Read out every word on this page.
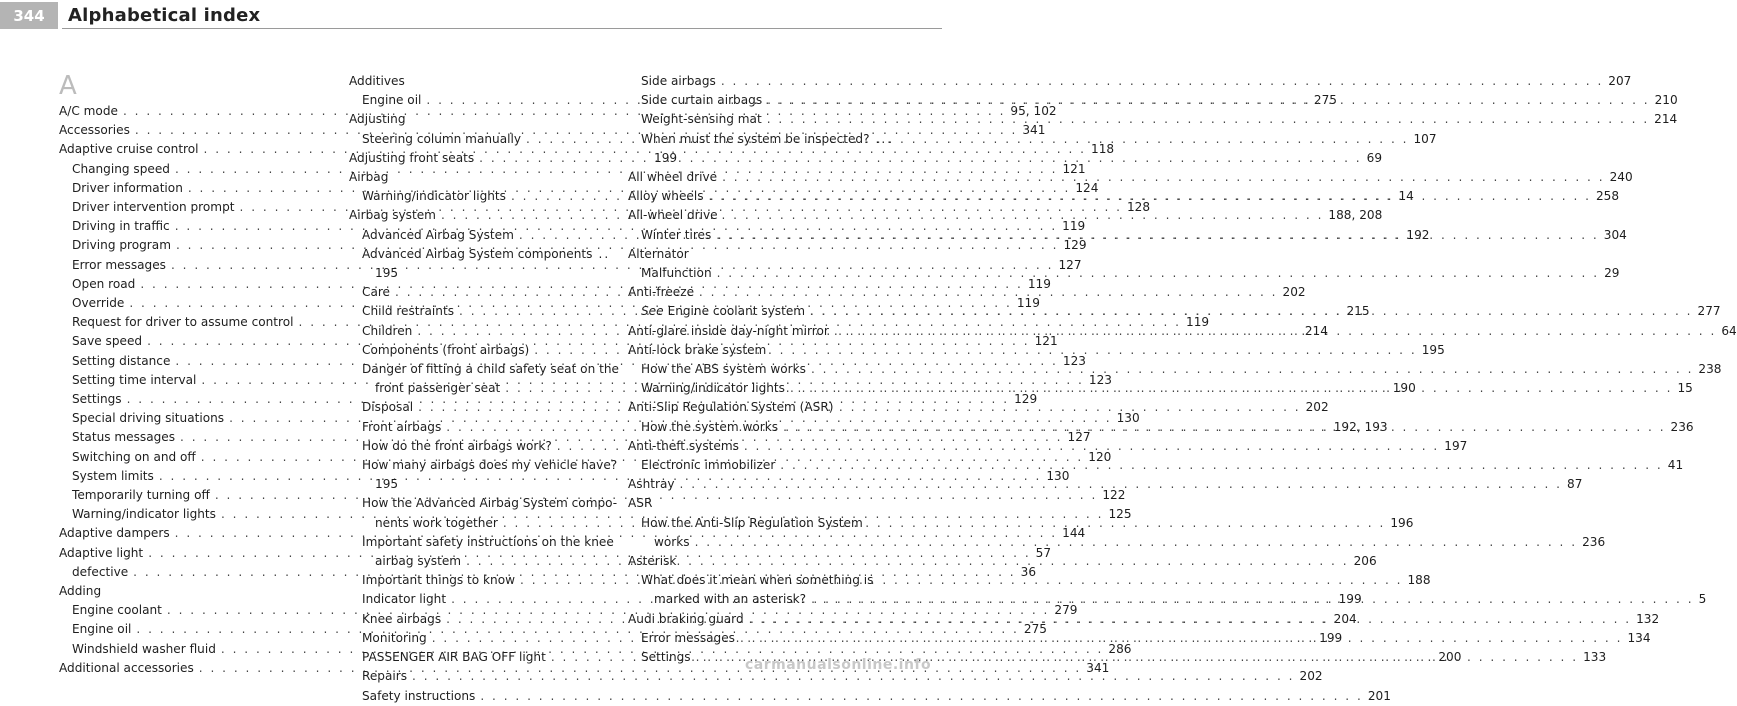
344	Alphabetical index
A
A/C mode . . .	95, 102
Accessories . . .	341
Adaptive cruise control . . .	118
Changing speed . . .	121
Driver information . . .	124
Driver intervention prompt . . .	128
Driving in traffic . . .	119
Driving program . . .	129
Error messages . . .	127
Open road . . .	119
Override . . .	119
Request for driver to assume control . . .	119
Save speed . . .	121
Setting distance . . .	123
Setting time interval . . .	123
Settings . . .	129
Special driving situations . . .	130
Status messages . . .	127
Switching on and off . . .	120
System limits . . .	130
Temporarily turning off . . .	122
Warning/indicator lights . . .	125
Adaptive dampers . . .	144
Adaptive light . . .	57
defective . . .	36
Adding
Engine coolant . . .	279
Engine oil . . .	275
Windshield washer fluid . . .	286
Additional accessories . . .	341
Additives
Engine oil . . .	275
Adjusting
Steering column manually . . .	107
Adjusting front seats . . .	69
Airbag
Warning/indicator lights . . .	14
Airbag system . . .	188, 208
Advanced Airbag System . . .	192
Advanced Airbag System components ..
195
Care . . .	202
Child restraints . . .	215
Children . . .	214
Components (front airbags) . . .	195
Danger of fitting a child safety seat on the
front passenger seat . . .	190
Disposal . . .	202
Front airbags . . .	192, 193
How do the front airbags work? . . .	197
How many airbags does my vehicle have?
195
How the Advanced Airbag System compo-
nents work together . . .	196
Important safety instructions on the knee
airbag system . . .	206
Important things to know . . .	188
Indicator light . . .	199
Knee airbags . . .	204
Monitoring . . .	199
PASSENGER AIR BAG OFF light . . .	200
Repairs . . .	202
Safety instructions . . .	201
Side airbags . . .	207
Side curtain airbags . . .	210
Weight-sensing mat . . .	214
When must the system be inspected? ...
199
All wheel drive . . .	240
Alloy wheels . . .	258
All-wheel drive
Winter tires . . .	304
Alternator
Malfunction . . .	29
Anti-freeze
See Engine coolant system . . .	277
Anti-glare inside day-night mirror . . .	64
Anti-lock brake system
How the ABS system works . . .	238
Warning/indicator lights . . .	15
Anti-Slip Regulation System (ASR)
How the system works . . .	236
Anti-theft systems
Electronic immobilizer . . .	41
Ashtray . . .	87
ASR
How the Anti-Slip Regulation System
works . . .	236
Asterisk
What does it mean when something is
marked with an asterisk? . . .	5
Audi braking guard . . .	132
Error messages . . .	134
Settings . . .	133
carmanualsonline.info
